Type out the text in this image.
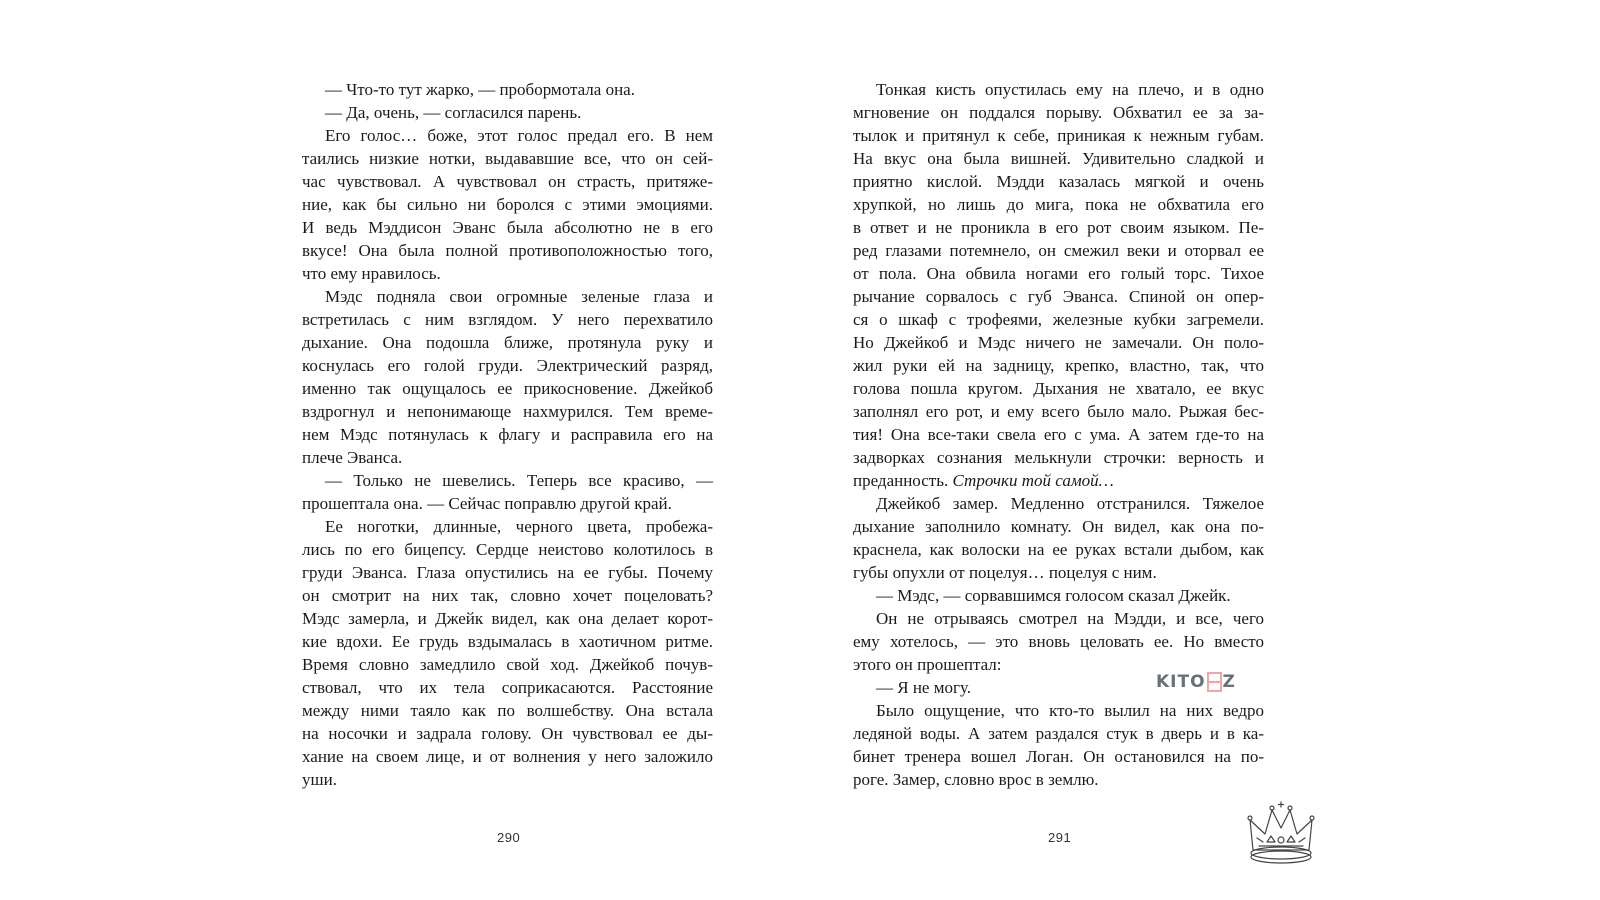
— Что-то тут жарко, — пробормотала она.
— Да, очень, — согласился парень.
Его голос… боже, этот голос предал его. В нем
таились низкие нотки, выдававшие все, что он сей-
час чувствовал. А чувствовал он страсть, притяже-
ние, как бы сильно ни боролся с этими эмоциями.
И ведь Мэддисон Эванс была абсолютно не в его
вкусе! Она была полной противоположностью того,
что ему нравилось.
Мэдс подняла свои огромные зеленые глаза и
встретилась с ним взглядом. У него перехватило
дыхание. Она подошла ближе, протянула руку и
коснулась его голой груди. Электрический разряд,
именно так ощущалось ее прикосновение. Джейкоб
вздрогнул и непонимающе нахмурился. Тем време-
нем Мэдс потянулась к флагу и расправила его на
плече Эванса.
— Только не шевелись. Теперь все красиво, —
прошептала она. — Сейчас поправлю другой край.
Ее ноготки, длинные, черного цвета, пробежа-
лись по его бицепсу. Сердце неистово колотилось в
груди Эванса. Глаза опустились на ее губы. Почему
он смотрит на них так, словно хочет поцеловать?
Мэдс замерла, и Джейк видел, как она делает корот-
кие вдохи. Ее грудь вздымалась в хаотичном ритме.
Время словно замедлило свой ход. Джейкоб почув-
ствовал, что их тела соприкасаются. Расстояние
между ними таяло как по волшебству. Она встала
на носочки и задрала голову. Он чувствовал ее ды-
хание на своем лице, и от волнения у него заложило
уши.

290

Тонкая кисть опустилась ему на плечо, и в одно
мгновение он поддался порыву. Обхватил ее за за-
тылок и притянул к себе, приникая к нежным губам.
На вкус она была вишней. Удивительно сладкой и
приятно кислой. Мэдди казалась мягкой и очень
хрупкой, но лишь до мига, пока не обхватила его
в ответ и не проникла в его рот своим языком. Пе-
ред глазами потемнело, он смежил веки и оторвал ее
от пола. Она обвила ногами его голый торс. Тихое
рычание сорвалось с губ Эванса. Спиной он опер-
ся о шкаф с трофеями, железные кубки загремели.
Но Джейкоб и Мэдс ничего не замечали. Он поло-
жил руки ей на задницу, крепко, властно, так, что
голова пошла кругом. Дыхания не хватало, ее вкус
заполнял его рот, и ему всего было мало. Рыжая бес-
тия! Она все-таки свела его с ума. А затем где-то на
задворках сознания мелькнули строчки: верность и
преданность. Строчки той самой…
Джейкоб замер. Медленно отстранился. Тяжелое
дыхание заполнило комнату. Он видел, как она по-
краснела, как волоски на ее руках встали дыбом, как
губы опухли от поцелуя… поцелуя с ним.
— Мэдс, — сорвавшимся голосом сказал Джейк.
Он не отрываясь смотрел на Мэдди, и все, чего
ему хотелось, — это вновь целовать ее. Но вместо
этого он прошептал:
— Я не могу.
Было ощущение, что кто-то вылил на них ведро
ледяной воды. А затем раздался стук в дверь и в ка-
бинет тренера вошел Логан. Он остановился на по-
роге. Замер, словно врос в землю.

KITO Z
291
